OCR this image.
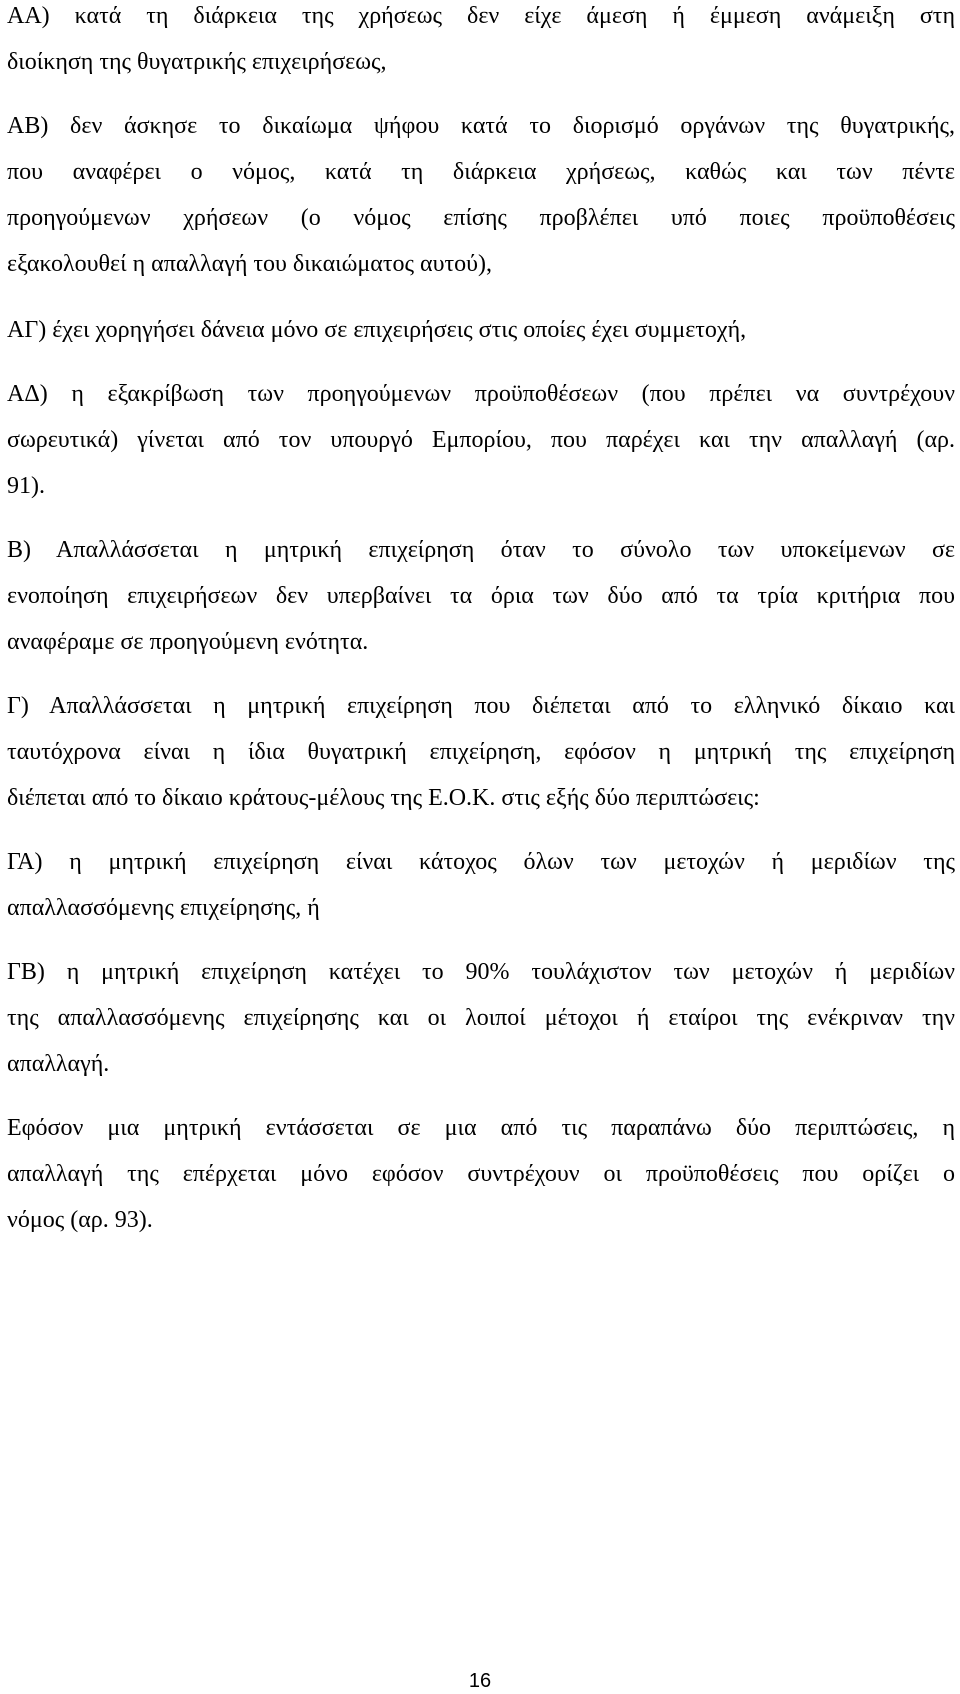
ΑΑ) κατά τη διάρκεια της χρήσεως δεν είχε άμεση ή έμμεση ανάμειξη στη
διοίκηση της θυγατρικής επιχειρήσεως,
ΑΒ) δεν άσκησε το δικαίωμα ψήφου κατά το διορισμό οργάνων της θυγατρικής,
που αναφέρει ο νόμος, κατά τη διάρκεια χρήσεως, καθώς και των πέντε
προηγούμενων χρήσεων (ο νόμος επίσης προβλέπει υπό ποιες προϋποθέσεις
εξακολουθεί η απαλλαγή του δικαιώματος αυτού),
ΑΓ) έχει χορηγήσει δάνεια μόνο σε επιχειρήσεις στις οποίες έχει συμμετοχή,
ΑΔ) η εξακρίβωση των προηγούμενων προϋποθέσεων (που πρέπει να συντρέχουν
σωρευτικά) γίνεται από τον υπουργό Εμπορίου, που παρέχει και την απαλλαγή (αρ.
91).
Β) Απαλλάσσεται η μητρική επιχείρηση όταν το σύνολο των υποκείμενων σε
ενοποίηση επιχειρήσεων δεν υπερβαίνει τα όρια των δύο από τα τρία κριτήρια που
αναφέραμε σε προηγούμενη ενότητα.
Γ) Απαλλάσσεται η μητρική επιχείρηση που διέπεται από το ελληνικό δίκαιο και
ταυτόχρονα είναι η ίδια θυγατρική επιχείρηση, εφόσον η μητρική της επιχείρηση
διέπεται από το δίκαιο κράτους-μέλους της Ε.Ο.Κ. στις εξής δύο περιπτώσεις:
ΓΑ) η μητρική επιχείρηση είναι κάτοχος όλων των μετοχών ή μεριδίων της
απαλλασσόμενης επιχείρησης, ή
ΓΒ) η μητρική επιχείρηση κατέχει το 90% τουλάχιστον των μετοχών ή μεριδίων
της απαλλασσόμενης επιχείρησης και οι λοιποί μέτοχοι ή εταίροι της ενέκριναν την
απαλλαγή.
Εφόσον μια μητρική εντάσσεται σε μια από τις παραπάνω δύο περιπτώσεις, η
απαλλαγή της επέρχεται μόνο εφόσον συντρέχουν οι προϋποθέσεις που ορίζει ο
νόμος (αρ. 93).
16
